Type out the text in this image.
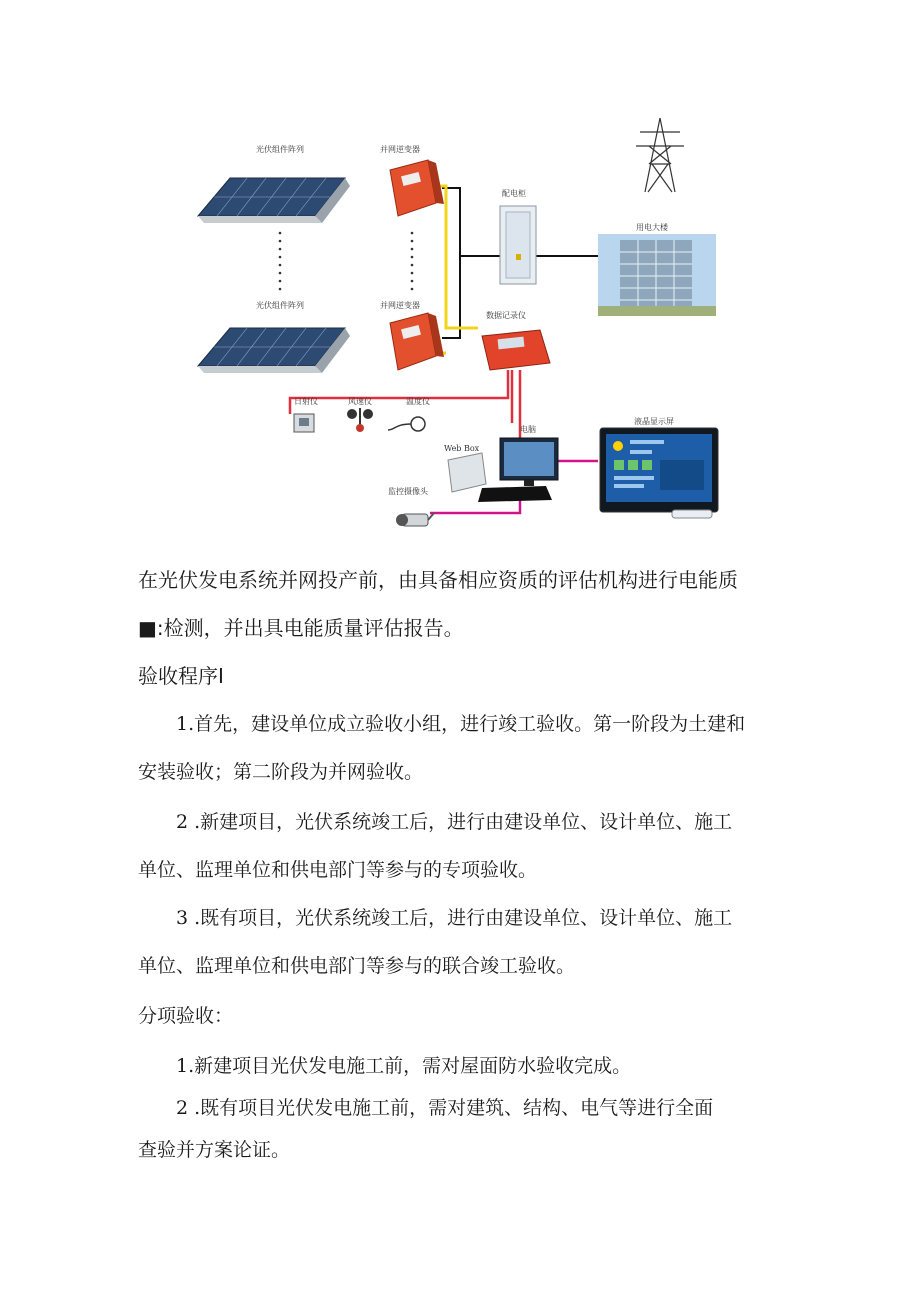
光伏组件阵列	并网逆变器
配电柜
用电大楼
光伏组件阵列	并网逆变器
数据记录仪
日射仪	风速仪	温度仪
电脑
Web Box
监控摄像头
液晶显示屏
在光伏发电系统并网投产前，由具备相应资质的评估机构进行电能质
■:检测，并出具电能质量评估报告。
验收程序I
1.首先，建设单位成立验收小组，进行竣工验收。第一阶段为土建和
安装验收；第二阶段为并网验收。
2 .新建项目，光伏系统竣工后，进行由建设单位、设计单位、施工
单位、监理单位和供电部门等参与的专项验收。
3 .既有项目，光伏系统竣工后，进行由建设单位、设计单位、施工
单位、监理单位和供电部门等参与的联合竣工验收。
分项验收：
1.新建项目光伏发电施工前，需对屋面防水验收完成。
2 .既有项目光伏发电施工前，需对建筑、结构、电气等进行全面
查验并方案论证。
